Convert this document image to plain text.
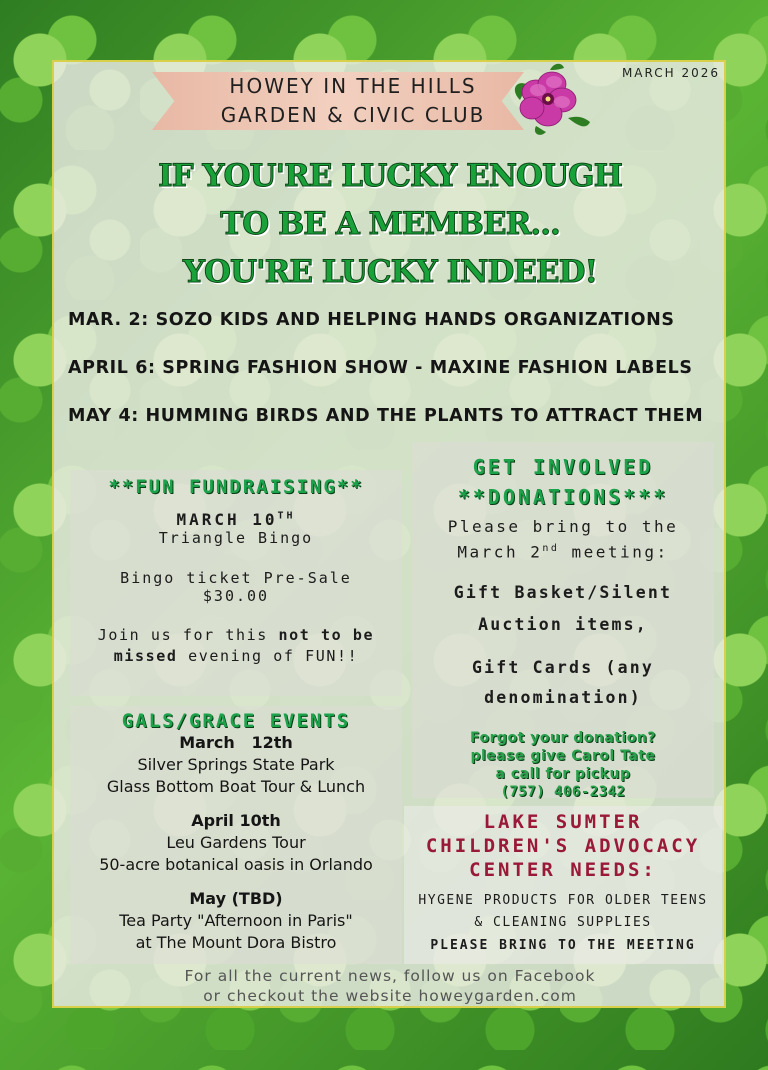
HOWEY IN THE HILLS
GARDEN & CIVIC CLUB
MARCH 2026
IF YOU'RE LUCKY ENOUGH
TO BE A MEMBER...
YOU'RE LUCKY INDEED!
MAR. 2: SOZO KIDS AND HELPING HANDS ORGANIZATIONS
APRIL 6: SPRING FASHION SHOW - MAXINE FASHION LABELS
MAY 4: HUMMING BIRDS AND THE PLANTS TO ATTRACT THEM
**FUN FUNDRAISING**
MARCH 10TH
Triangle Bingo
Bingo ticket Pre-Sale
$30.00
Join us for this not to be missed evening of FUN!!
GALS/GRACE EVENTS
March   12th
Silver Springs State Park
Glass Bottom Boat Tour & Lunch
April 10th
Leu Gardens Tour
50-acre botanical oasis in Orlando
May (TBD)
Tea Party "Afternoon in Paris"
at The Mount Dora Bistro
GET INVOLVED
**DONATIONS***
Please bring to the
March 2nd meeting:
Gift Basket/Silent
Auction items,
Gift Cards (any
denomination)
Forgot your donation?
please give Carol Tate
a call for pickup
(757) 406-2342
LAKE SUMTER
CHILDREN'S ADVOCACY
CENTER NEEDS:
HYGENE PRODUCTS FOR OLDER TEENS
& CLEANING SUPPLIES
PLEASE BRING TO THE MEETING
For all the current news, follow us on Facebook
or checkout the website howeygarden.com
